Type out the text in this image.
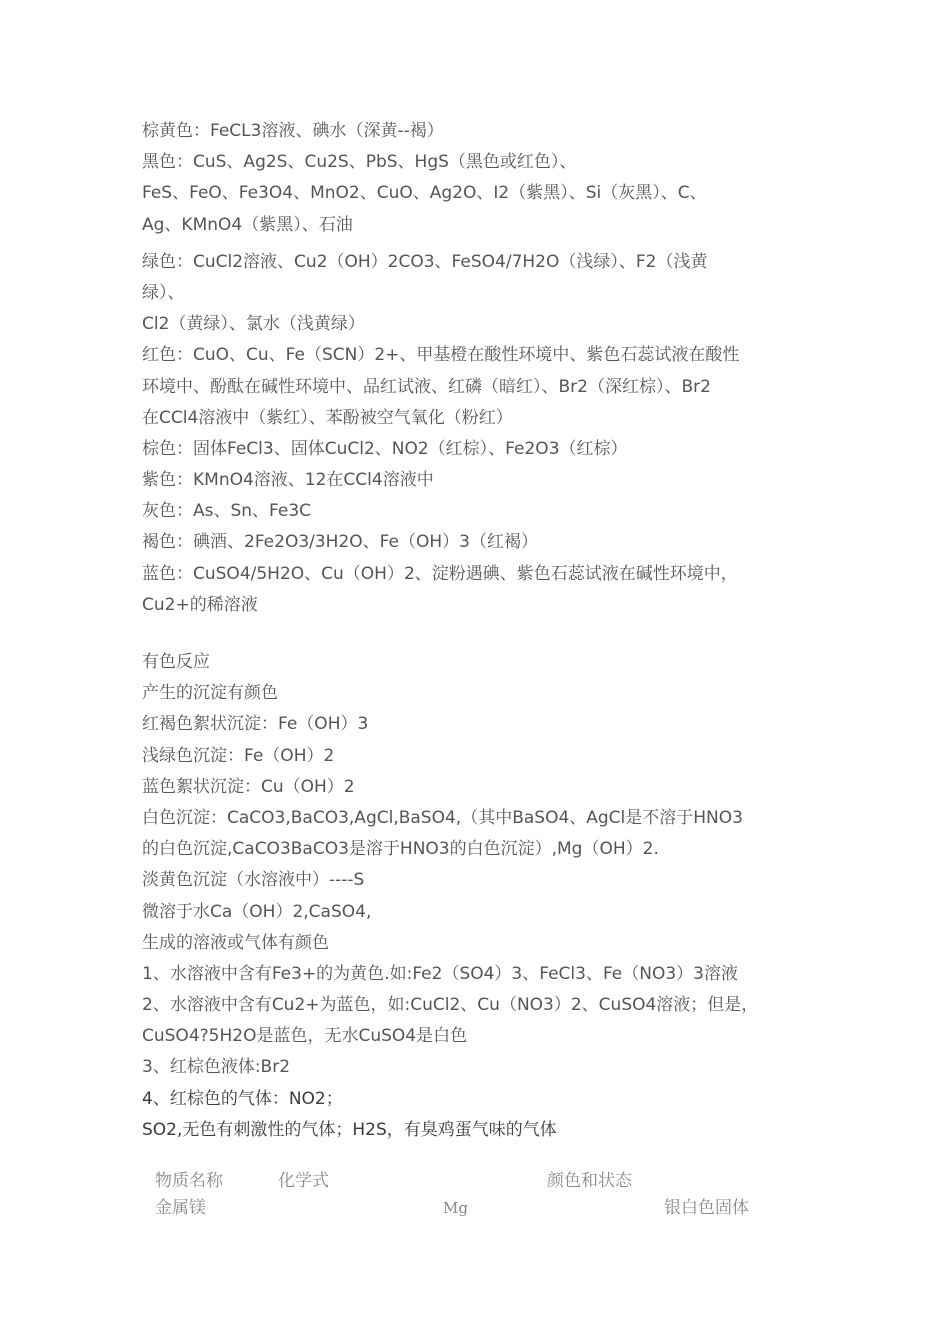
棕黄色：FeCL3溶液、碘水（深黄--褐）
黑色：CuS、Ag2S、Cu2S、PbS、HgS（黑色或红色）、
FeS、FeO、Fe3O4、MnO2、CuO、Ag2O、I2（紫黑）、Si（灰黑）、C、
Ag、KMnO4（紫黑）、石油
绿色：CuCl2溶液、Cu2（OH）2CO3、FeSO4/7H2O（浅绿）、F2（浅黄
绿）、
Cl2（黄绿）、氯水（浅黄绿）
红色：CuO、Cu、Fe（SCN）2+、甲基橙在酸性环境中、紫色石蕊试液在酸性
环境中、酚酞在碱性环境中、品红试液、红磷（暗红）、Br2（深红棕）、Br2
在CCl4溶液中（紫红）、苯酚被空气氧化（粉红）
棕色：固体FeCl3、固体CuCl2、NO2（红棕）、Fe2O3（红棕）
紫色：KMnO4溶液、12在CCl4溶液中
灰色：As、Sn、Fe3C
褐色：碘酒、2Fe2O3/3H2O、Fe（OH）3（红褐）
蓝色：CuSO4/5H2O、Cu（OH）2、淀粉遇碘、紫色石蕊试液在碱性环境中，
Cu2+的稀溶液
有色反应
产生的沉淀有颜色
红褐色絮状沉淀：Fe（OH）3
浅绿色沉淀：Fe（OH）2
蓝色絮状沉淀：Cu（OH）2
白色沉淀：CaCO3,BaCO3,AgCl,BaSO4,（其中BaSO4、AgCl是不溶于HNO3
的白色沉淀,CaCO3BaCO3是溶于HNO3的白色沉淀）,Mg（OH）2.
淡黄色沉淀（水溶液中）----S
微溶于水Ca（OH）2,CaSO4,
生成的溶液或气体有颜色
1、水溶液中含有Fe3+的为黄色.如:Fe2（SO4）3、FeCl3、Fe（NO3）3溶液
2、水溶液中含有Cu2+为蓝色，如:CuCl2、Cu（NO3）2、CuSO4溶液；但是，
CuSO4?5H2O是蓝色，无水CuSO4是白色
3、红棕色液体:Br2
4、红棕色的气体：NO2；
SO2,无色有刺激性的气体；H2S，有臭鸡蛋气味的气体
物质名称	化学式	颜色和状态
金属镁	Mg	银白色固体
